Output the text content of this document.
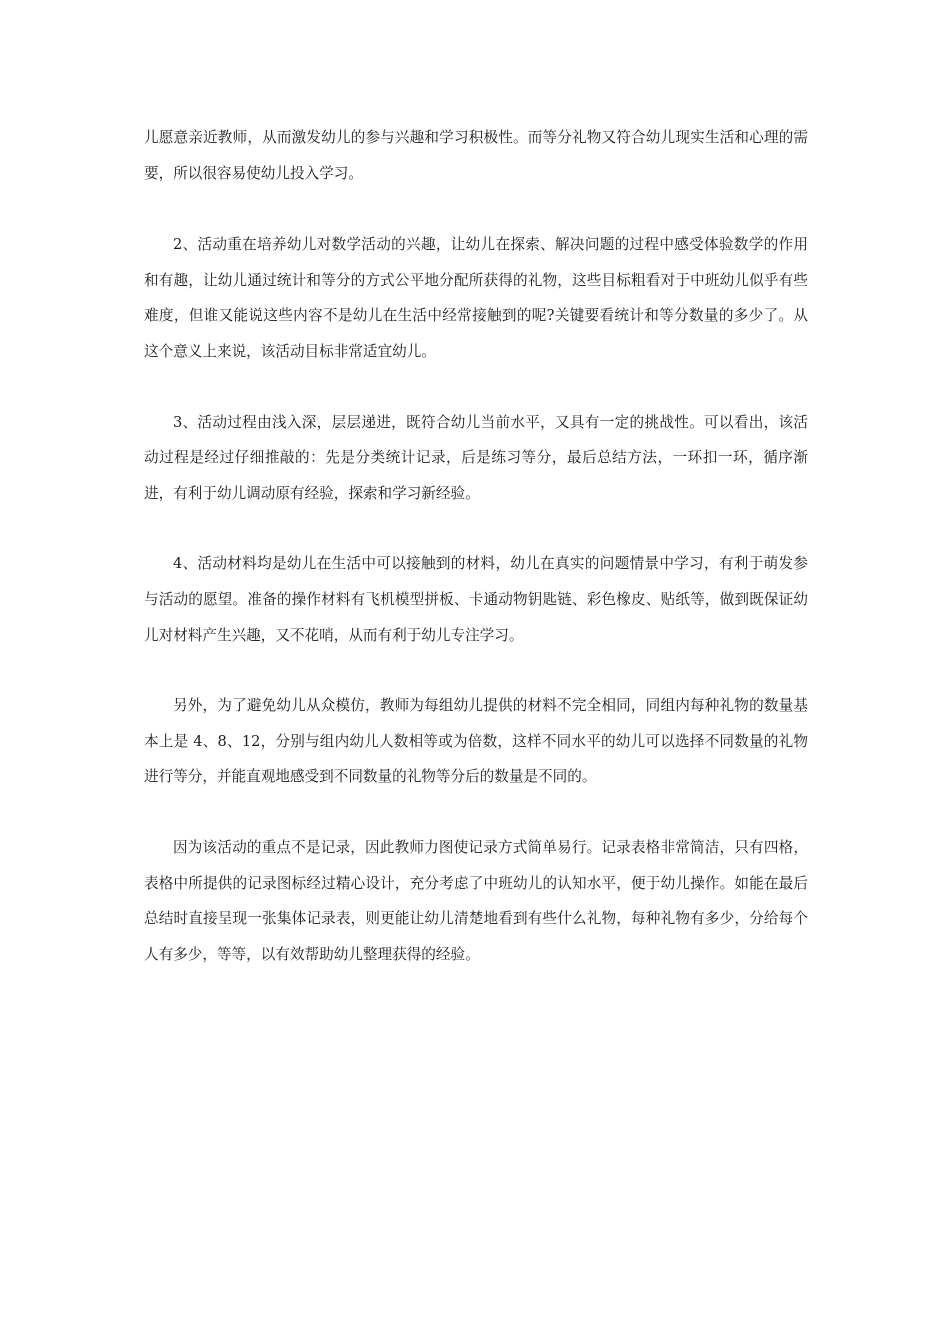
儿愿意亲近教师，从而激发幼儿的参与兴趣和学习积极性。而等分礼物又符合幼儿现实生活和心理的需要，所以很容易使幼儿投入学习。

2、活动重在培养幼儿对数学活动的兴趣，让幼儿在探索、解决问题的过程中感受体验数学的作用和有趣，让幼儿通过统计和等分的方式公平地分配所获得的礼物，这些目标粗看对于中班幼儿似乎有些难度，但谁又能说这些内容不是幼儿在生活中经常接触到的呢?关键要看统计和等分数量的多少了。从这个意义上来说，该活动目标非常适宜幼儿。

3、活动过程由浅入深，层层递进，既符合幼儿当前水平，又具有一定的挑战性。可以看出，该活动过程是经过仔细推敲的：先是分类统计记录，后是练习等分，最后总结方法，一环扣一环，循序渐进，有利于幼儿调动原有经验，探索和学习新经验。

4、活动材料均是幼儿在生活中可以接触到的材料，幼儿在真实的问题情景中学习，有利于萌发参与活动的愿望。准备的操作材料有飞机模型拼板、卡通动物钥匙链、彩色橡皮、贴纸等，做到既保证幼儿对材料产生兴趣，又不花哨，从而有利于幼儿专注学习。

另外，为了避免幼儿从众模仿，教师为每组幼儿提供的材料不完全相同，同组内每种礼物的数量基本上是 4、8、12，分别与组内幼儿人数相等或为倍数，这样不同水平的幼儿可以选择不同数量的礼物进行等分，并能直观地感受到不同数量的礼物等分后的数量是不同的。

因为该活动的重点不是记录，因此教师力图使记录方式简单易行。记录表格非常简洁，只有四格，表格中所提供的记录图标经过精心设计，充分考虑了中班幼儿的认知水平，便于幼儿操作。如能在最后总结时直接呈现一张集体记录表，则更能让幼儿清楚地看到有些什么礼物，每种礼物有多少，分给每个人有多少，等等，以有效帮助幼儿整理获得的经验。
